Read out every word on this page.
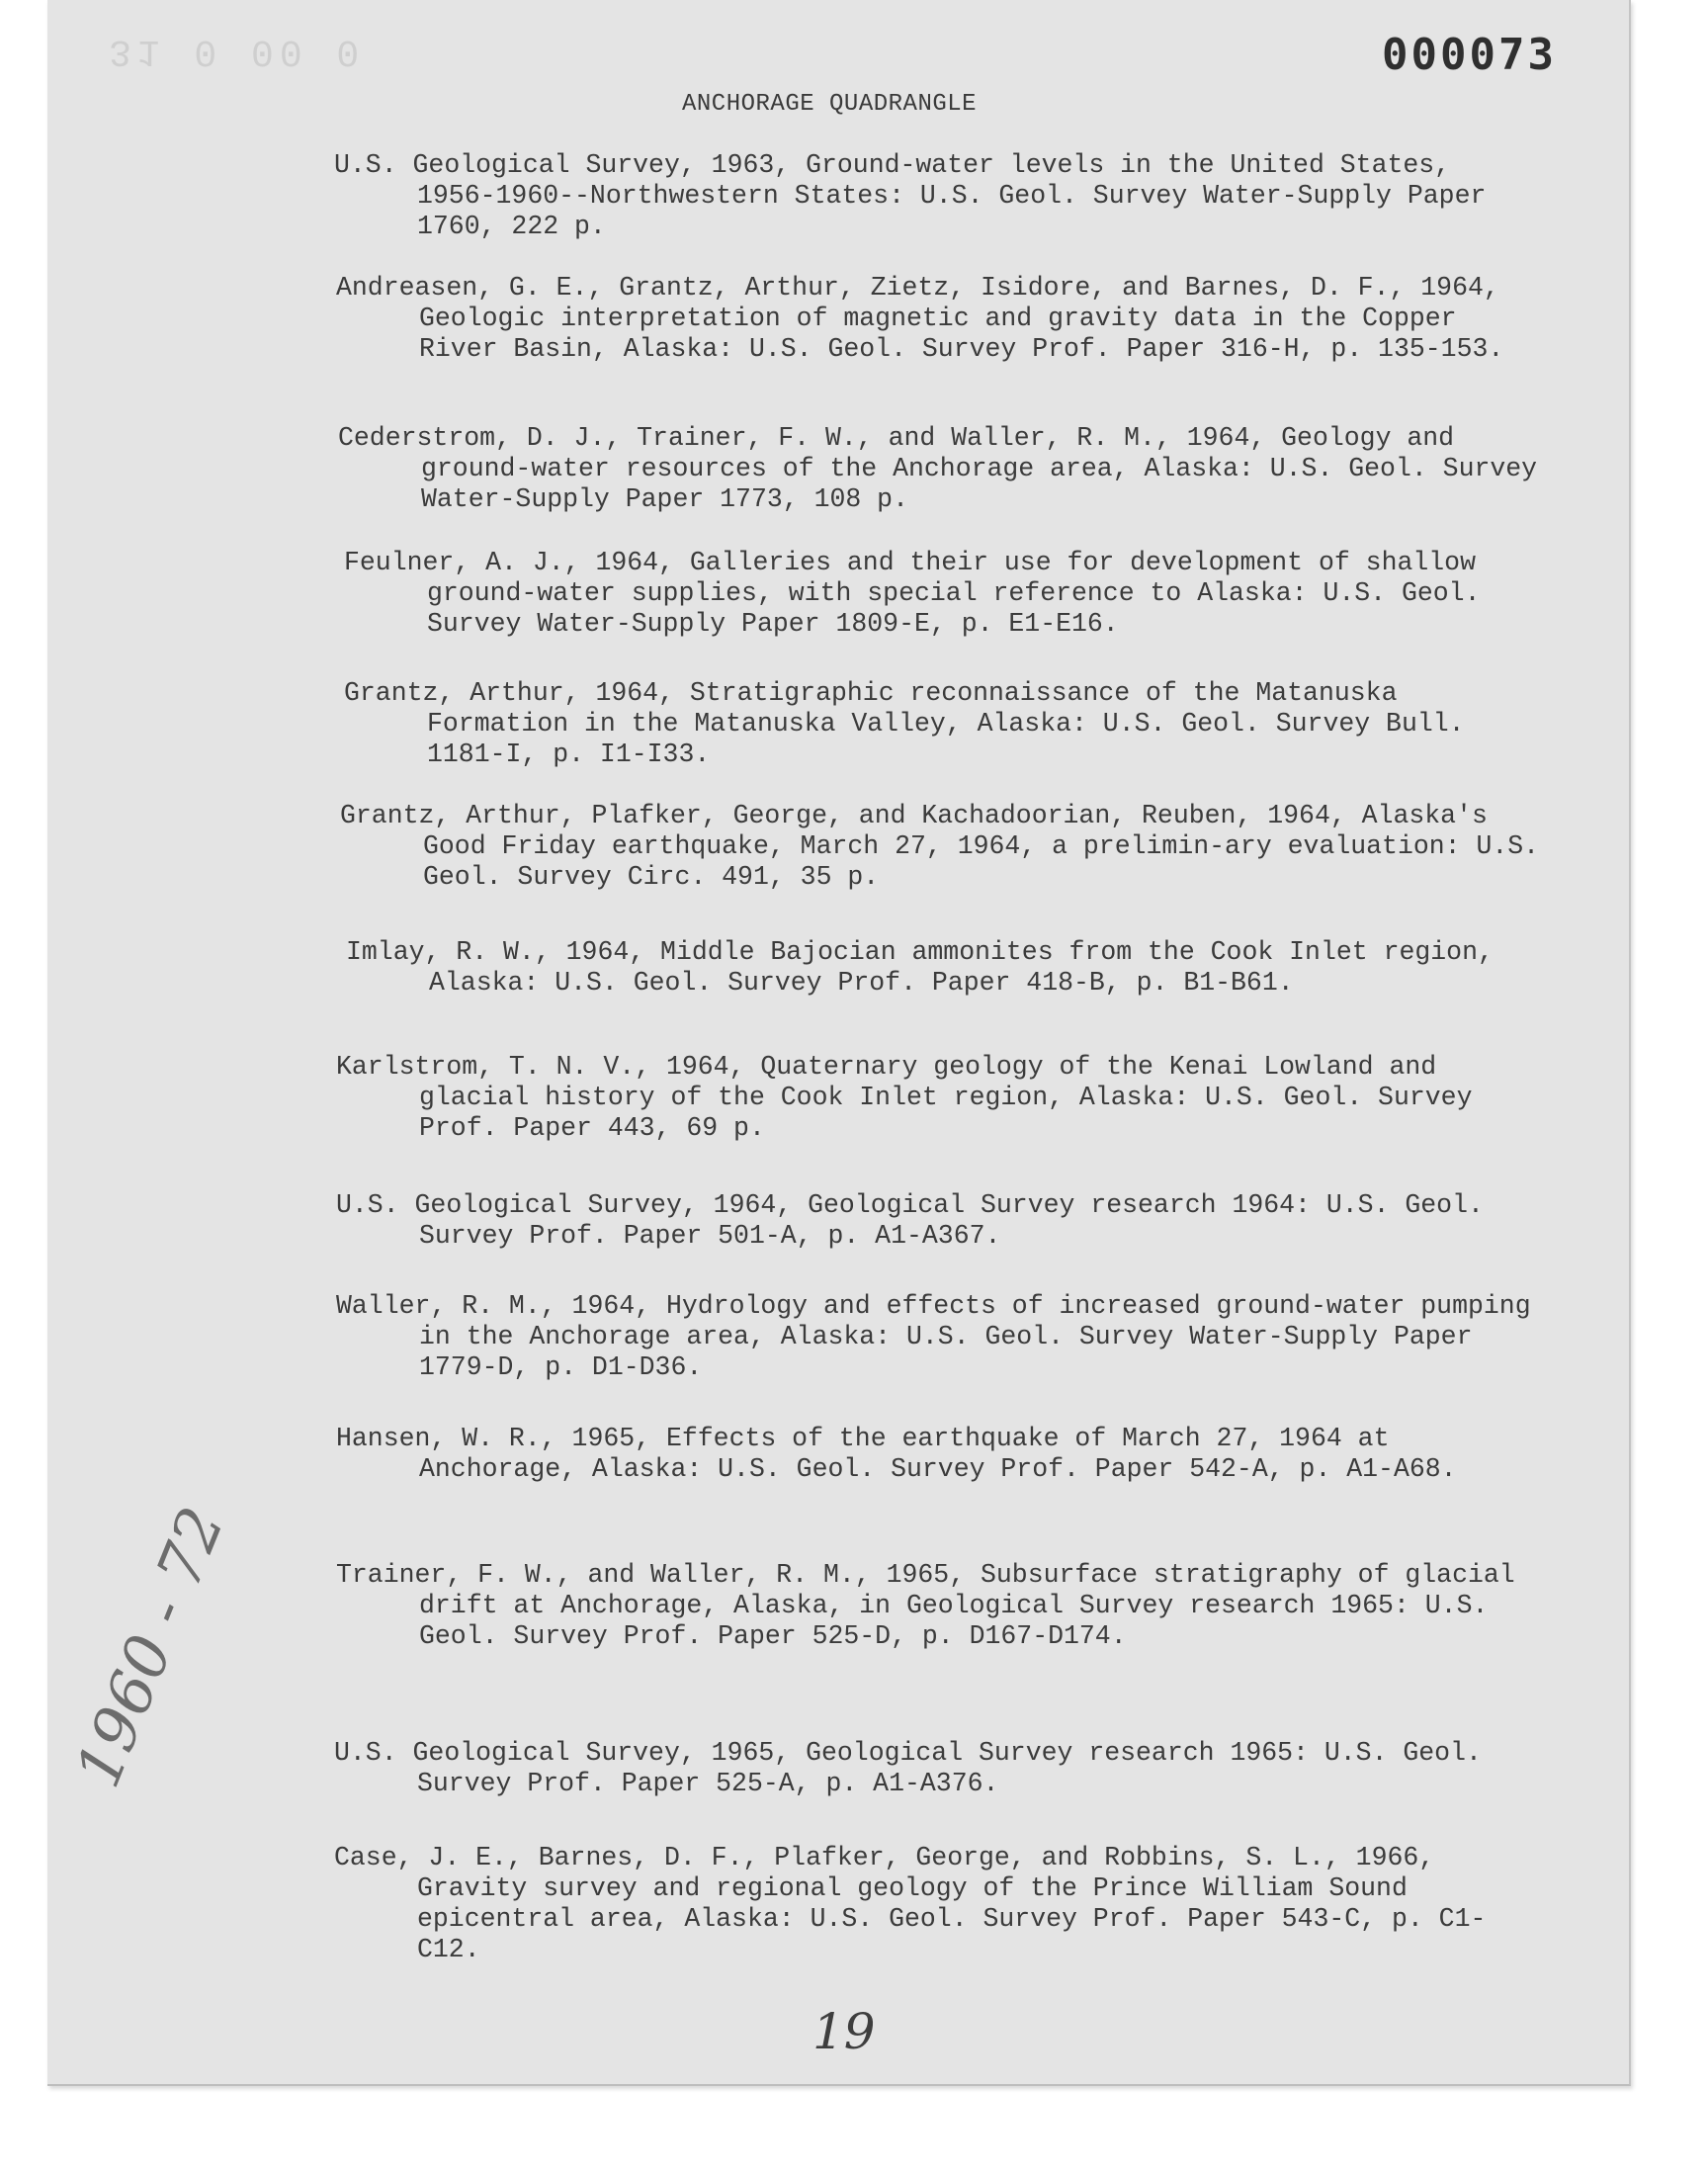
31 0 00 0	000073
ANCHORAGE QUADRANGLE
U.S. Geological Survey, 1963, Ground-water levels in the United States, 1956-1960--Northwestern States: U.S. Geol. Survey Water-Supply Paper 1760, 222 p.
Andreasen, G. E., Grantz, Arthur, Zietz, Isidore, and Barnes, D. F., 1964, Geologic interpretation of magnetic and gravity data in the Copper River Basin, Alaska: U.S. Geol. Survey Prof. Paper 316-H, p. 135-153.
Cederstrom, D. J., Trainer, F. W., and Waller, R. M., 1964, Geology and ground-water resources of the Anchorage area, Alaska: U.S. Geol. Survey Water-Supply Paper 1773, 108 p.
Feulner, A. J., 1964, Galleries and their use for development of shallow ground-water supplies, with special reference to Alaska: U.S. Geol. Survey Water-Supply Paper 1809-E, p. E1-E16.
Grantz, Arthur, 1964, Stratigraphic reconnaissance of the Matanuska Formation in the Matanuska Valley, Alaska: U.S. Geol. Survey Bull. 1181-I, p. I1-I33.
Grantz, Arthur, Plafker, George, and Kachadoorian, Reuben, 1964, Alaska's Good Friday earthquake, March 27, 1964, a prelimin-ary evaluation: U.S. Geol. Survey Circ. 491, 35 p.
Imlay, R. W., 1964, Middle Bajocian ammonites from the Cook Inlet region, Alaska: U.S. Geol. Survey Prof. Paper 418-B, p. B1-B61.
Karlstrom, T. N. V., 1964, Quaternary geology of the Kenai Lowland and glacial history of the Cook Inlet region, Alaska: U.S. Geol. Survey Prof. Paper 443, 69 p.
U.S. Geological Survey, 1964, Geological Survey research 1964: U.S. Geol. Survey Prof. Paper 501-A, p. A1-A367.
Waller, R. M., 1964, Hydrology and effects of increased ground-water pumping in the Anchorage area, Alaska: U.S. Geol. Survey Water-Supply Paper 1779-D, p. D1-D36.
Hansen, W. R., 1965, Effects of the earthquake of March 27, 1964 at Anchorage, Alaska: U.S. Geol. Survey Prof. Paper 542-A, p. A1-A68.
Trainer, F. W., and Waller, R. M., 1965, Subsurface stratigraphy of glacial drift at Anchorage, Alaska, in Geological Survey research 1965: U.S. Geol. Survey Prof. Paper 525-D, p. D167-D174.
U.S. Geological Survey, 1965, Geological Survey research 1965: U.S. Geol. Survey Prof. Paper 525-A, p. A1-A376.
Case, J. E., Barnes, D. F., Plafker, George, and Robbins, S. L., 1966, Gravity survey and regional geology of the Prince William Sound epicentral area, Alaska: U.S. Geol. Survey Prof. Paper 543-C, p. C1-C12.
1960 - 72
19
